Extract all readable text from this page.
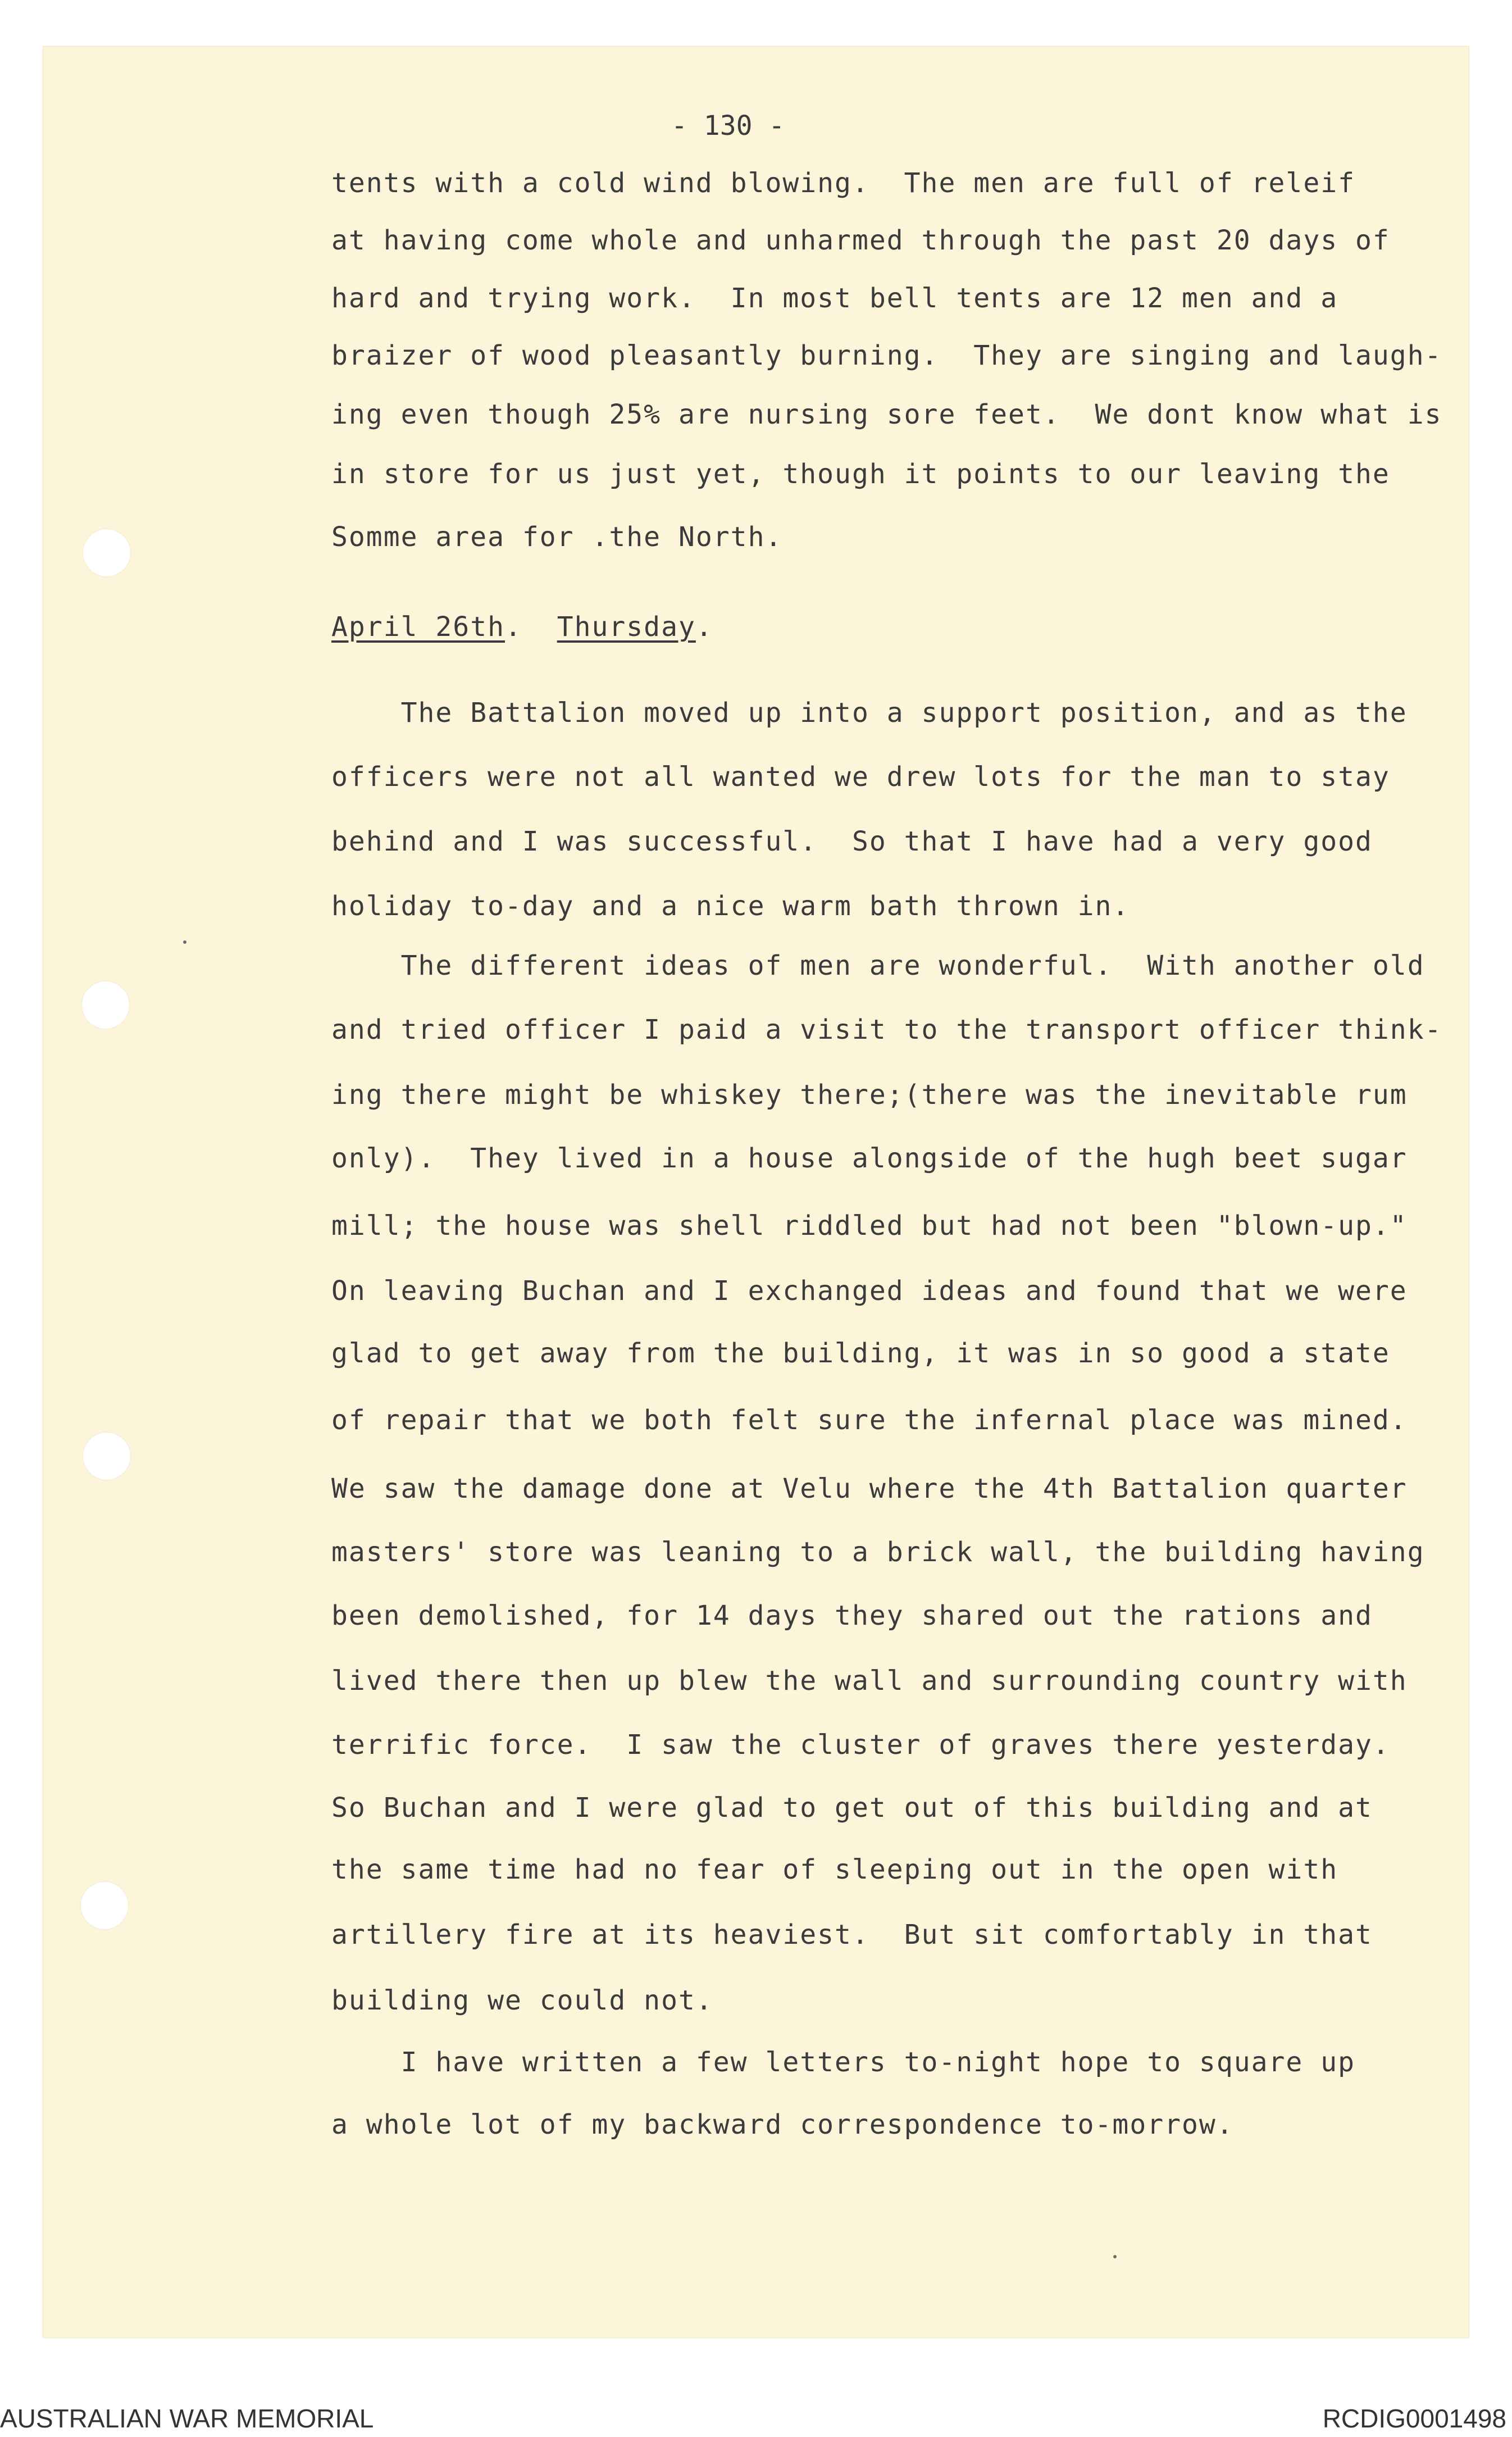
- 130 -
April 26th.  Thursday.
tents with a cold wind blowing.  The men are full of releif
at having come whole and unharmed through the past 20 days of
hard and trying work.  In most bell tents are 12 men and a
braizer of wood pleasantly burning.  They are singing and laugh-
ing even though 25% are nursing sore feet.  We dont know what is
in store for us just yet, though it points to our leaving the
Somme area for .the North.
The Battalion moved up into a support position, and as the
officers were not all wanted we drew lots for the man to stay
behind and I was successful.  So that I have had a very good
holiday to-day and a nice warm bath thrown in.
The different ideas of men are wonderful.  With another old
and tried officer I paid a visit to the transport officer think-
ing there might be whiskey there;(there was the inevitable rum
only).  They lived in a house alongside of the hugh beet sugar
mill; the house was shell riddled but had not been "blown-up."
On leaving Buchan and I exchanged ideas and found that we were
glad to get away from the building, it was in so good a state
of repair that we both felt sure the infernal place was mined.
We saw the damage done at Velu where the 4th Battalion quarter
masters' store was leaning to a brick wall, the building having
been demolished, for 14 days they shared out the rations and
lived there then up blew the wall and surrounding country with
terrific force.  I saw the cluster of graves there yesterday.
So Buchan and I were glad to get out of this building and at
the same time had no fear of sleeping out in the open with
artillery fire at its heaviest.  But sit comfortably in that
building we could not.
I have written a few letters to-night hope to square up
a whole lot of my backward correspondence to-morrow.
AUSTRALIAN WAR MEMORIAL	RCDIG0001498
